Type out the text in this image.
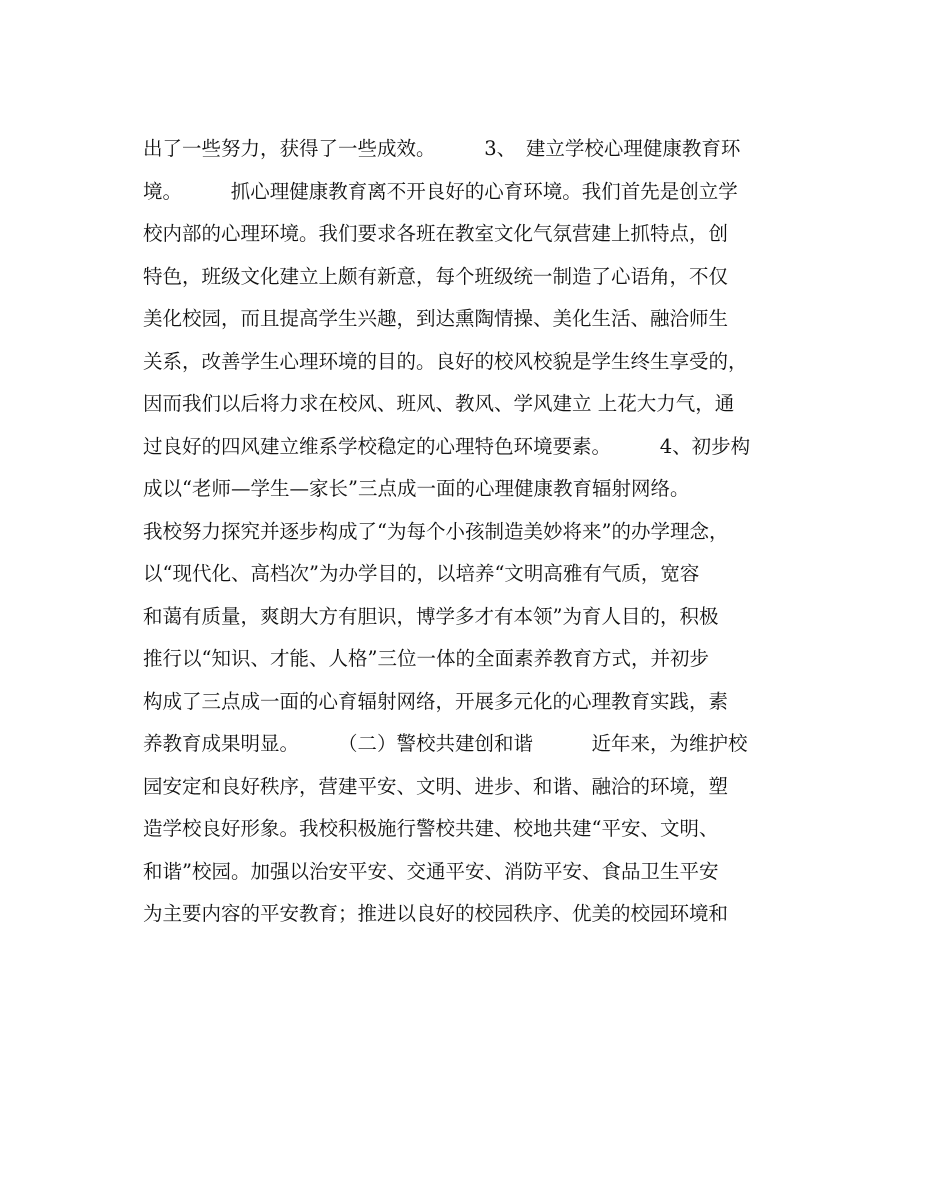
出了一些努力，获得了一些成效。　　　3、　建立学校心理健康教育环
境。　　　抓心理健康教育离不开良好的心育环境。我们首先是创立学
校内部的心理环境。我们要求各班在教室文化气氛营建上抓特点，创
特色，班级文化建立上颇有新意，每个班级统一制造了心语角，不仅
美化校园，而且提高学生兴趣，到达熏陶情操、美化生活、融洽师生
关系，改善学生心理环境的目的。良好的校风校貌是学生终生享受的，
因而我们以后将力求在校风、班风、教风、学风建立 上花大力气，通
过良好的四风建立维系学校稳定的心理特色环境要素。　　　4、初步构
成以“老师—学生—家长”三点成一面的心理健康教育辐射网络。
我校努力探究并逐步构成了“为每个小孩制造美妙将来”的办学理念，
以“现代化、高档次”为办学目的，以培养“文明高雅有气质，宽容
和蔼有质量，爽朗大方有胆识，博学多才有本领”为育人目的，积极
推行以“知识、才能、人格”三位一体的全面素养教育方式，并初步
构成了三点成一面的心育辐射网络，开展多元化的心理教育实践，素
养教育成果明显。　　　（二）警校共建创和谐　　　近年来，为维护校
园安定和良好秩序，营建平安、文明、进步、和谐、融洽的环境，塑
造学校良好形象。我校积极施行警校共建、校地共建“平安、文明、
和谐”校园。加强以治安平安、交通平安、消防平安、食品卫生平安
为主要内容的平安教育；推进以良好的校园秩序、优美的校园环境和
